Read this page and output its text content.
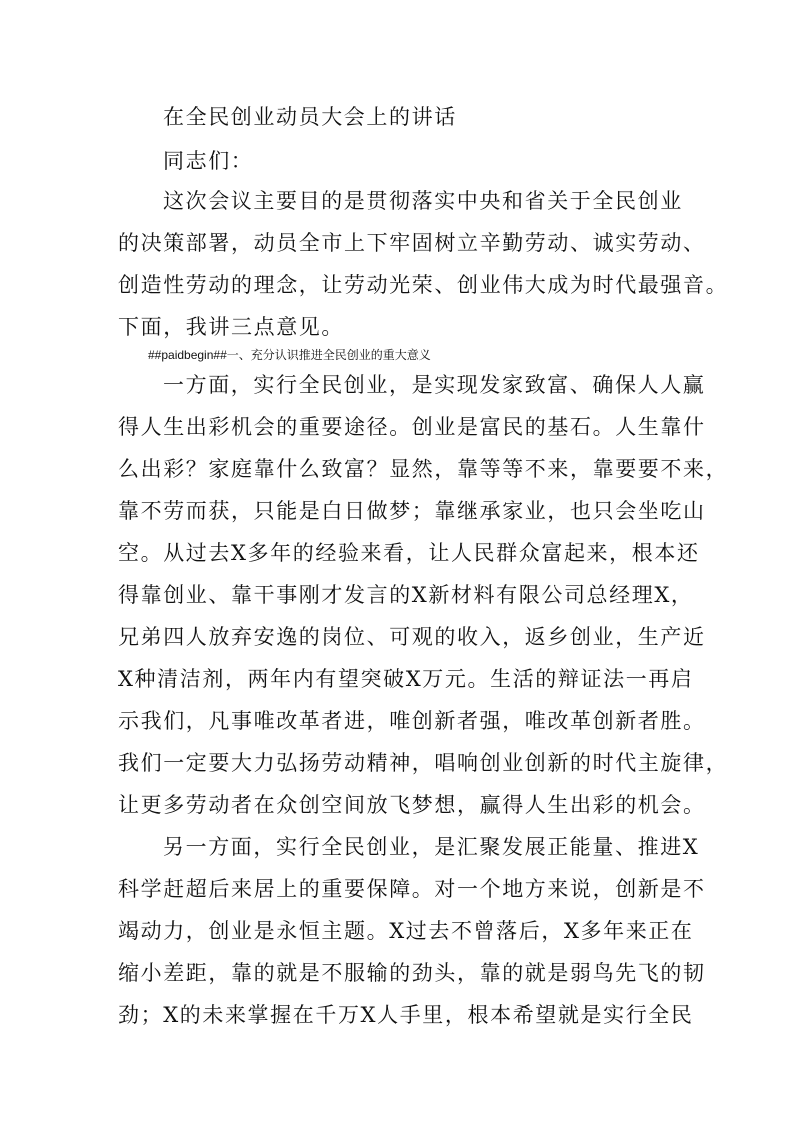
在全民创业动员大会上的讲话
同志们：
这次会议主要目的是贯彻落实中央和省关于全民创业
的决策部署，动员全市上下牢固树立辛勤劳动、诚实劳动、
创造性劳动的理念，让劳动光荣、创业伟大成为时代最强音。
下面，我讲三点意见。
##paidbegin##一、充分认识推进全民创业的重大意义
一方面，实行全民创业，是实现发家致富、确保人人赢
得人生出彩机会的重要途径。创业是富民的基石。人生靠什
么出彩？家庭靠什么致富？显然，靠等等不来，靠要要不来，
靠不劳而获，只能是白日做梦；靠继承家业，也只会坐吃山
空。从过去X多年的经验来看，让人民群众富起来，根本还
得靠创业、靠干事刚才发言的X新材料有限公司总经理X，
兄弟四人放弃安逸的岗位、可观的收入，返乡创业，生产近
X种清洁剂，两年内有望突破X万元。生活的辩证法一再启
示我们，凡事唯改革者进，唯创新者强，唯改革创新者胜。
我们一定要大力弘扬劳动精神，唱响创业创新的时代主旋律，
让更多劳动者在众创空间放飞梦想，赢得人生出彩的机会。
另一方面，实行全民创业，是汇聚发展正能量、推进X
科学赶超后来居上的重要保障。对一个地方来说，创新是不
竭动力，创业是永恒主题。X过去不曾落后，X多年来正在
缩小差距，靠的就是不服输的劲头，靠的就是弱鸟先飞的韧
劲；X的未来掌握在千万X人手里，根本希望就是实行全民
